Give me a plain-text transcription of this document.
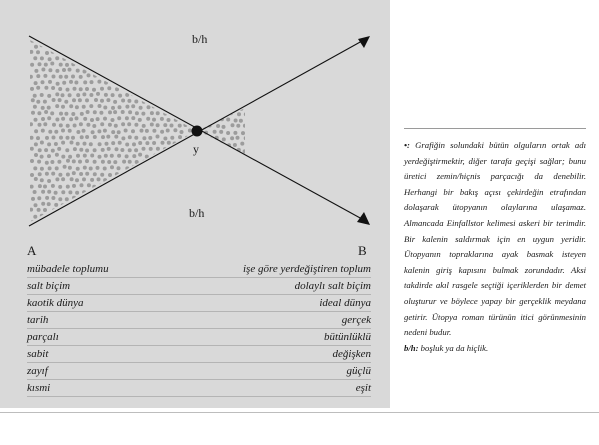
b/h
b/h
y
A	B
mübadele toplumu	işe göre yerdeğiştiren toplum
salt biçim	dolaylı salt biçim
kaotik dünya	ideal dünya
tarih	gerçek
parçalı	bütünlüklü
sabit	değişken
zayıf	güçlü
kısmi	eşit

•: Grafiğin solundaki bütün olguların ortak adı yerdeğiştirmektir, diğer tarafa geçişi sağlar; bunu üretici zemin/hiçnis parçacığı da denebilir. Herhangi bir bakış açısı çekirdeğin etrafından dolaşarak ütopyanın olaylarına ulaşamaz. Almancada Einfallstor kelimesi askeri bir terimdir. Bir kalenin saldırmak için en uygun yeridir. Ütopyanın topraklarına ayak basmak isteyen kalenin giriş kapısını bulmak zorundadır. Aksi takdirde akıl rasgele seçtiği içeriklerden bir demet oluşturur ve böylece yapay bir gerçeklik meydana getirir. Ütopya roman türünün itici görünmesinin nedeni budur.

b/h: boşluk ya da hiçlik.
